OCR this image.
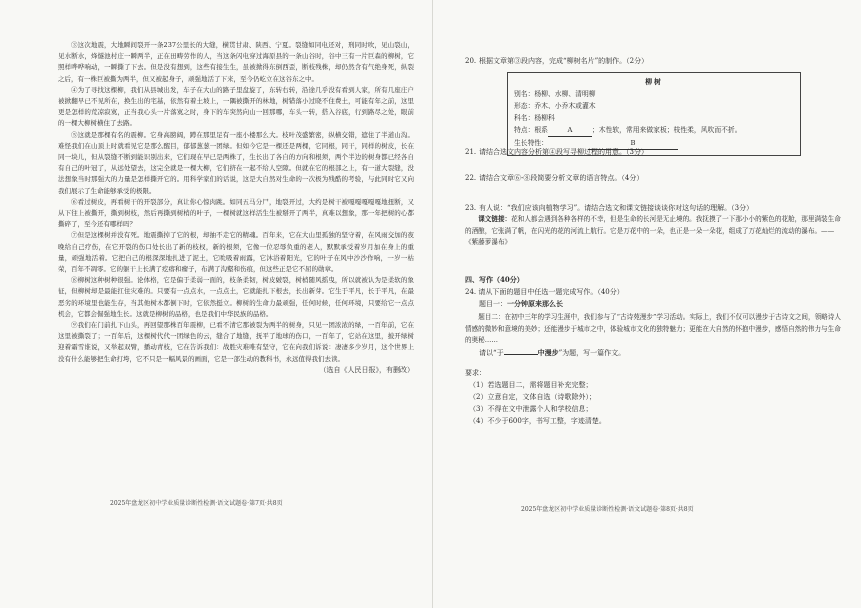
③这次地震，大地瞬间裂开一条237公里长的大缝，横贯甘肃、陕西、宁夏。裂缝如同电还对，刑同时吹，见山裂山，见水断水，烽燧池村庄一瞬两半，正在田畴劳作的人，当这条闪电穿过海原县的一条山谷时，谷中三有一片巨森的柳树，它照样哗哗响动，一瞬撕了下去。但是没有想到，这些有接生生，虽被掀得东倒西歪，断枝残株，却仍然含有气绝身死，纵裂之后，有一株巨被撕为两半，但又被起身子，顽强地活了下来，至今仍屹立在这谷东之中。

④为了寻找这棵柳，我们从县城出发，车子在大山的路子里盘旋了，东转右转，沿途几乎没有看到人家，所有几座庄户被掀翻早已不见所在，换生出的宅基，依然有着土坡上，一隅被撕开的林地，树错落小过晓不住费土，可能有年之前，这里更是怎样的荒凉寂寞，正当我心头一片落寞之时，身下的车突然向山一回那哪，车头一转，搭入谷底，行到路尽之处，眼前的一棵大柳树横住了去路。

⑤这就是那棵有名的震柳。它身高膀阔，蹲在那里足有一座小楼那么大。枝叶茂盛繁密，纵横交错，遮住了半道山沟。难怪我们在山顶上时就看见它是那么醒目，郁郁葱葱一团绿。但如今它是一棵还是两棵，它同根，同干，同样的树皮，长在同一块儿，但从裂缝不断到能识别出来，它们现在早已是两株了，生长出了各自的方向和根须，两个半边的树身都已经各自有自己的叶冠了，从远处望去，这完全就是一棵大柳，它们挤在一起不给人空隙。但就在它的根部之上，有一道大裂缝，没法想象当时那强大的力量是怎样撕开它的。用科学家们的话说，这是大自然对生命的一次极为残酷的考验，与此同时它又向我们展示了生命能够承受的极限。

⑥看过树皮，再看树干的开裂部分，真让你心惊肉跳。如同五马分尸，地裂开过，大约是树干被嘎嘎嘎嘎嘎地扭断，又从下往上被撕开，撕到树枝，然后再撕到树梢的叶子，一棵树就这样活生生被掰开了两半，真难以想象，那一年把树的心都撕碎了，至今还有哪样吗？

⑦但是这棵树并没有死。地震撕掉了它的根，却抽不走它的精魂。百年来，它在大山里孤独的坚守着，在风雨交加的夜晚给自己疗伤，在它开裂的伤口处长出了新的枝杈，新的根须，它像一位忍辱负重的老人，默默承受着岁月加在身上的重量，顽强地活着。它把自己的根深深地扎进了泥土，它吮吸着雨露，它沐浴着阳光，它的叶子在风中沙沙作响，一岁一枯荣，百年不凋零。它的躯干上长满了疙瘩和瘤子，布满了沟壑和伤痕，但这些正是它不屈的勋章。

⑧柳树这种树种很强。论体格，它是偏于柔弱一面的，枝条柔韧，树皮皴裂，树梢随风摇曳，所以就被认为是柔软的象征，但柳树却是最能扛住灾难的。只要有一点点水，一点点土，它就能扎下根去，长出新芽。它生于平凡，长于平凡，在最恶劣的环境里也能生存，当其他树木都倒下时，它依然挺立。柳树的生命力最顽强，任何时候，任何环境，只要给它一点点机会，它都会倔强地生长。这就是柳树的品格，也是我们中华民族的品格。

⑨我们在门前扎下山头，再回望那株百年震柳，已看不清它那被裂为两半的树身，只见一团浓浓的绿，一百年前，它在这里被撕裂了；一百年后，这棵树代代一团绿色的云，缝合了地缝，抚平了地球的伤口，一百年了，它站在这里，披开绿树迎着霜雪谁说，又举起双臂，播动青枝，它在告诉我们：战胜灾难唯有坚守，它在向我们诉说：凄凄多少岁月，这个世界上没有什么能够把生命打垮，它不只是一幅风景的画面，它是一部生动的教科书，永远值得我们去读。

（选自《人民日报》，有删改）
2025年盘龙区初中学业质量诊断性检测·语文试题卷·第7页·共8页

20. 根据文章第③段内容，完成“柳树名片”的制作。（2分）

柳树
别名：杨柳、水柳、清明柳
形态：乔木、小乔木或灌木
科名：杨柳科
特点：根系	A	；木性软，常用来做家板；枝性柔，风吹而不折。
生长特性：	B

21. 请结合选文内容分析第④段写寻柳过程的用意。（3分）

22. 请结合文章⑥-⑧段简要分析文章的语言特点。（4分）

23. 有人说：“我们应该向植物学习”。请结合选文和课文链接谈谈你对这句话的理解。（3分）

课文链接：花和人都会遇到各种各样的不幸，但是生命的长河是无止境的。我抚摸了一下那小小的紫色的花舱，那里满装生命的酒酿，它张满了帆，在闪光的花的河流上航行。它是万花中的一朵，也正是一朵一朵花，组成了万花灿烂的流动的瀑布。——《紫藤萝瀑布》

四、写作（40分）

24. 请从下面的题目中任选一题完成写作。（40分）

题目一：一分钟原来那么长

题目二：在初中三年的学习生涯中，我们参与了“古诗苑漫步”学习活动。实际上，我们不仅可以漫步于古诗文之间，领略诗人情感的微妙和意境的美妙；还能漫步于城市之中，体验城市文化的独特魅力；更能在大自然的怀抱中漫步，感悟自然的伟力与生命的奥秘……

请以“于	中漫步”为题，写一篇作文。

要求：

（1）若选题目二，需将题目补充完整；

（2）立意自定，文体自选（诗歌除外）；

（3）不得在文中泄露个人和学校信息；

（4）不少于600字，书写工整，字迹清楚。

2025年盘龙区初中学业质量诊断性检测·语文试题卷·第8页·共8页
